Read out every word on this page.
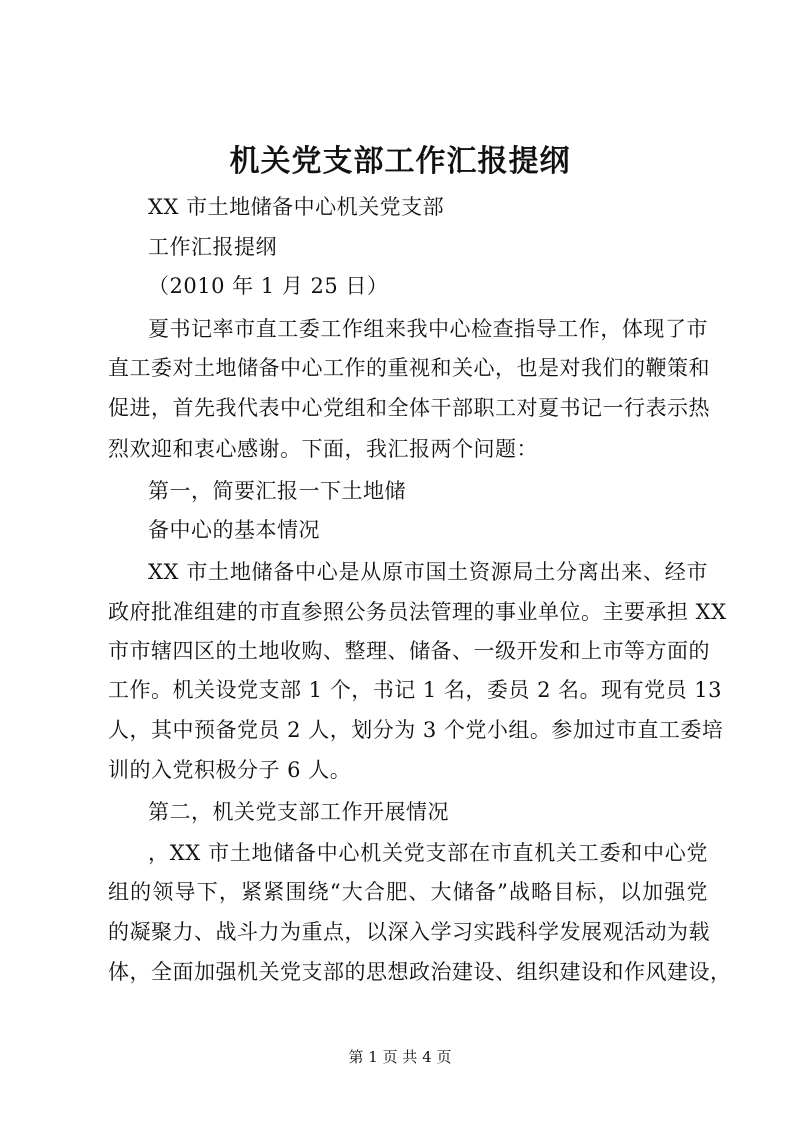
机关党支部工作汇报提纲
XX 市土地储备中心机关党支部
工作汇报提纲
（2010 年 1 月 25 日）
夏书记率市直工委工作组来我中心检查指导工作，体现了市
直工委对土地储备中心工作的重视和关心，也是对我们的鞭策和
促进，首先我代表中心党组和全体干部职工对夏书记一行表示热
烈欢迎和衷心感谢。下面，我汇报两个问题：
第一，简要汇报一下土地储
备中心的基本情况
XX 市土地储备中心是从原市国土资源局土分离出来、经市
政府批准组建的市直参照公务员法管理的事业单位。主要承担 XX
市市辖四区的土地收购、整理、储备、一级开发和上市等方面的
工作。机关设党支部 1 个，书记 1 名，委员 2 名。现有党员 13
人，其中预备党员 2 人，划分为 3 个党小组。参加过市直工委培
训的入党积极分子 6 人。
第二，机关党支部工作开展情况
，XX 市土地储备中心机关党支部在市直机关工委和中心党
组的领导下，紧紧围绕“大合肥、大储备”战略目标，以加强党
的凝聚力、战斗力为重点，以深入学习实践科学发展观活动为载
体，全面加强机关党支部的思想政治建设、组织建设和作风建设，
第 1 页 共 4 页
